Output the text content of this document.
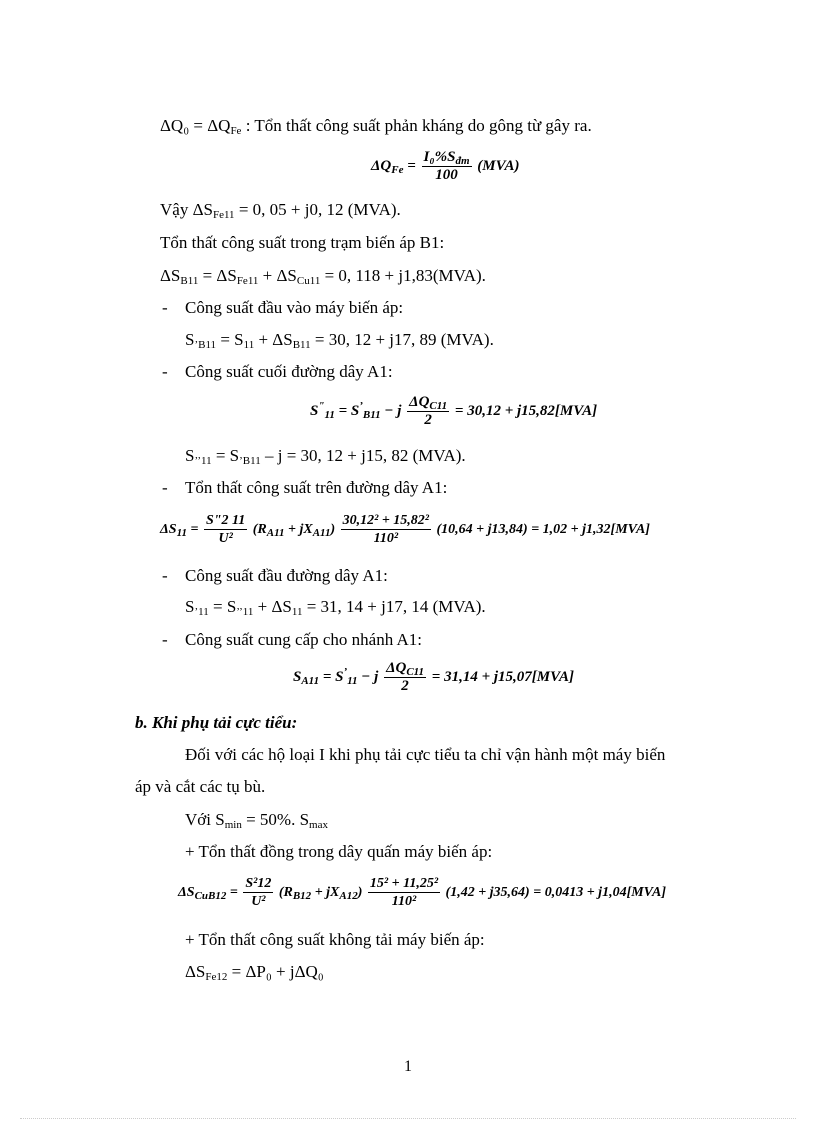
$\Delta Q_0 = \Delta Q_{Fe}$ : Tổn thất công suất phản kháng do gông từ gây ra.
$\Delta Q_{Fe} = \frac{I_0\%S_{đm}}{100} (MVA)$
Vậy $\Delta S_{Fe11} = 0$, 05 + j0, 12 (MVA).
Tổn thất công suất trong trạm biến áp B1:
$\Delta S_{B11} = \Delta S_{Fe11} + \Delta S_{Cu11} = 0$, 118 + j1,83(MVA).
- Công suất đầu vào máy biến áp:
$S_{’B11} = S_{11} + \Delta S_{B11} = 30$, 12 + j17, 89 (MVA).
- Công suất cuối đường dây A1:
$S^"_{11} = S^’_{B11} - j \frac{\Delta Q_{C11}}{2} = 30,12 + j15,82[MVA]$
$S_{’’11} = S_{’B11} - j = 30$, 12 + j15, 82 (MVA).
- Tổn thất công suất trên đường dây A1:
$\Delta S_{11} = \frac{S"2 11}{\text{U²}} (R_{A11} + jX_{A11}) \frac{\text{30,12² + 15,82²}}{\text{110²}} (10,64 + j13,84) = 1,02 + j1,32[MVA]$
- Công suất đầu đường dây A1:
$S_{’11} = S_{’’11} + \Delta S_{11} = 31$, 14 + j17, 14 (MVA).
- Công suất cung cấp cho nhánh A1:
$S_{A11} = S^’_{11} - j \frac{\Delta Q_{C11}}{2} = 31,14 + j15,07[MVA]$
b. Khi phụ tải cực tiểu:
Đối với các hộ loại I khi phụ tải cực tiểu ta chỉ vận hành một máy biến
áp và cắt các tụ bù.
Với $S_{min} = 50\%$. $S_{max}$
+ Tổn thất đồng trong dây quấn máy biến áp:
$\Delta S_{CuB12} = \frac{\text{S²12}}{\text{U²}} (R_{B12} + jX_{A12}) \frac{\text{15² + 11,25²}}{\text{110²}} (1,42 + j35,64) = 0,0413 + j1,04[MVA]$
+ Tổn thất công suất không tải máy biến áp:
$\Delta S_{Fe12} = \Delta P_0 + j\Delta Q_0$
1
